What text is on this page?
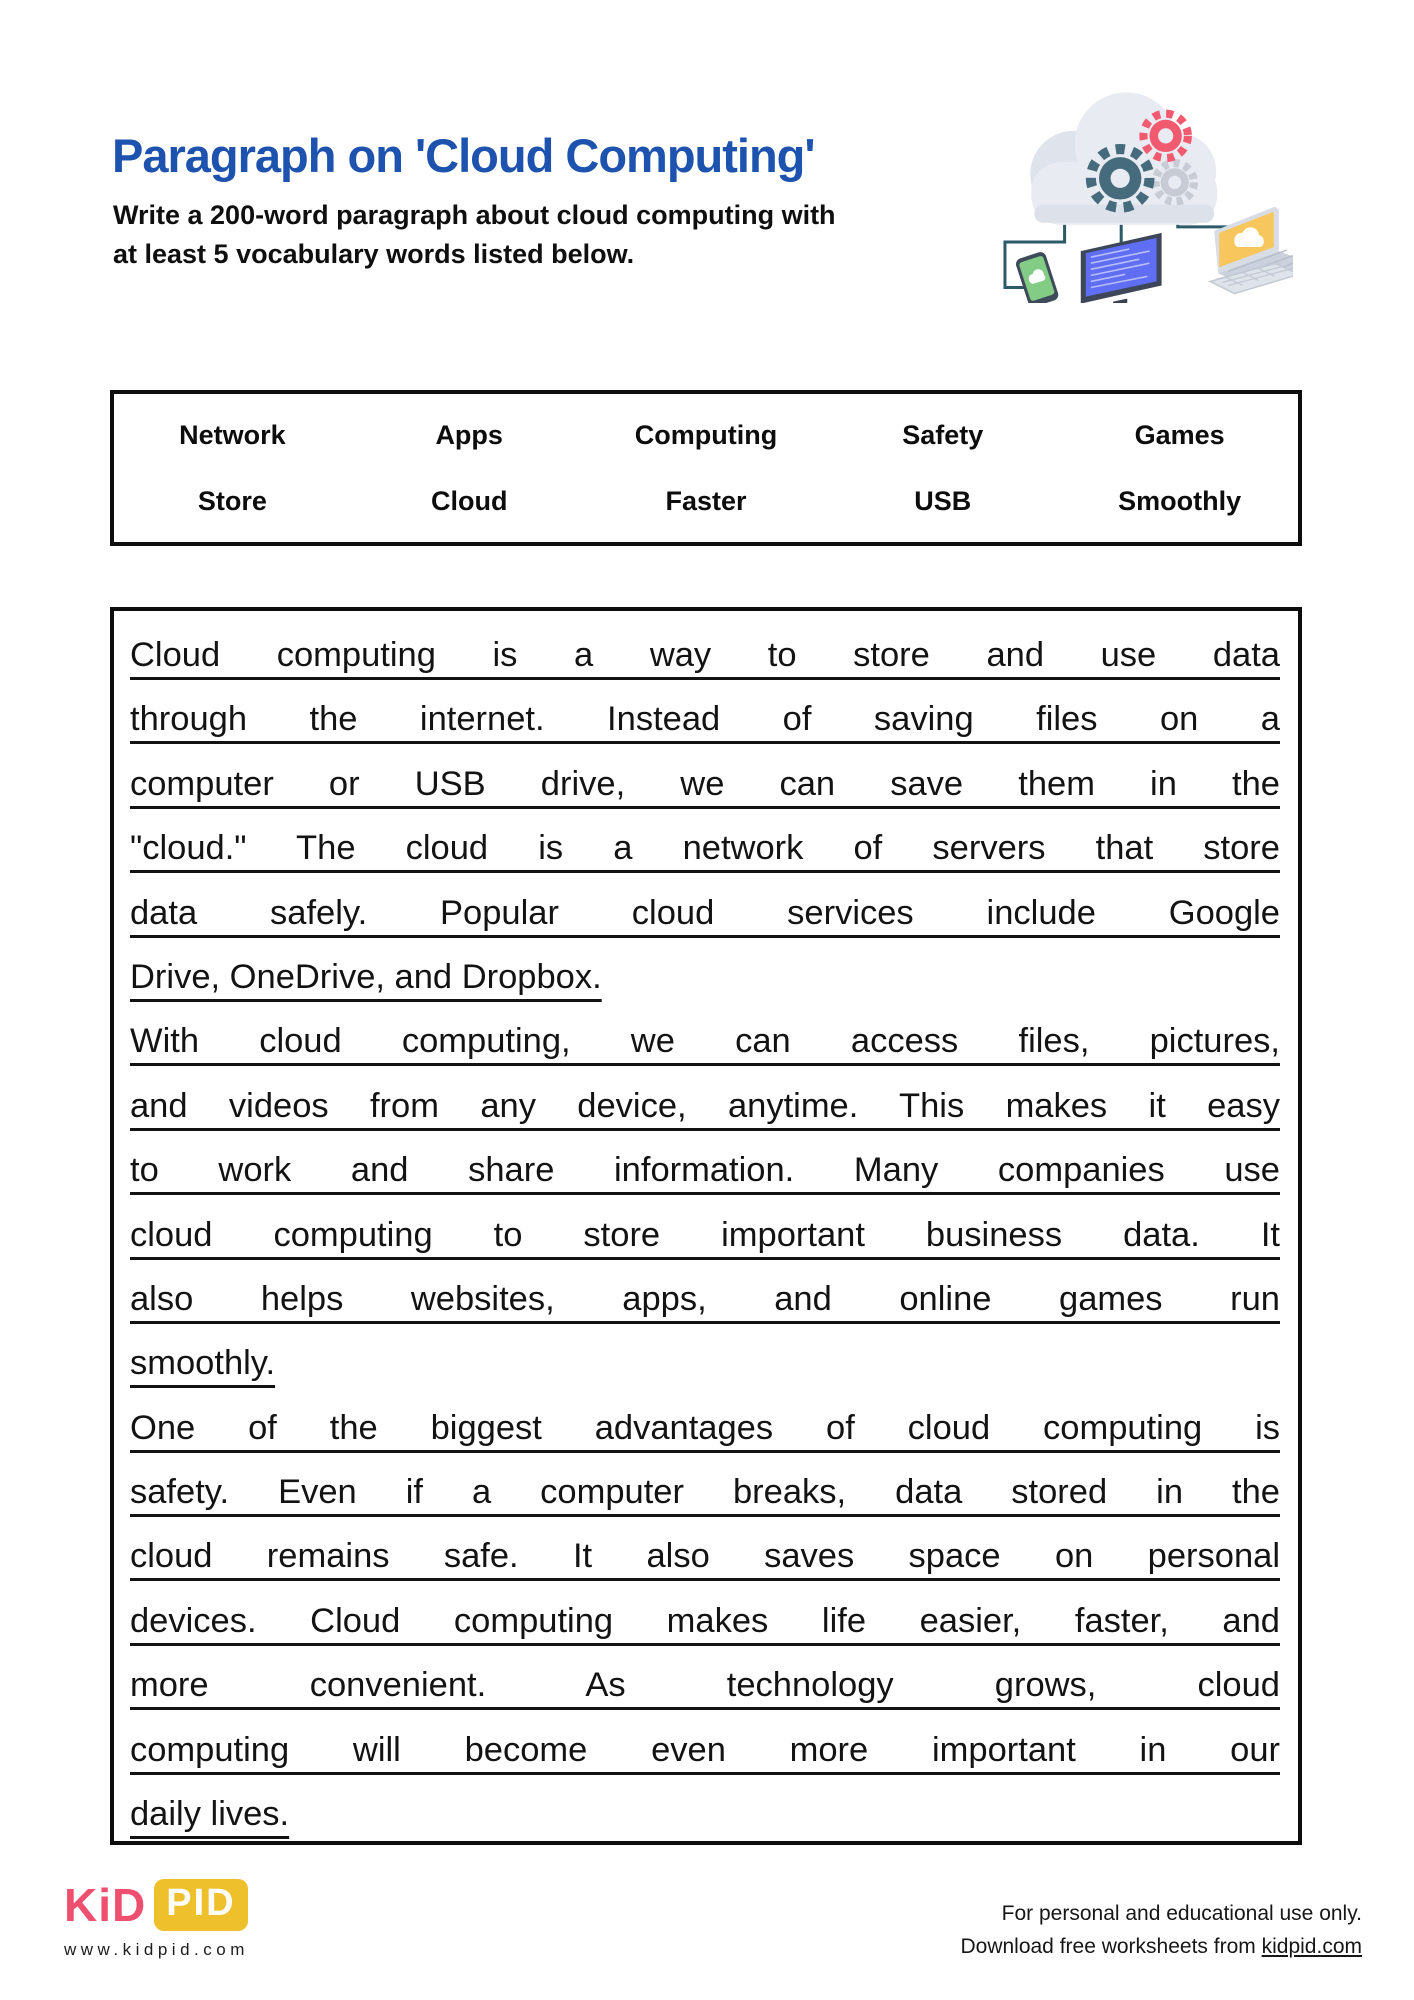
Paragraph on 'Cloud Computing'
Write a 200-word paragraph about cloud computing with
at least 5 vocabulary words listed below.
Network	Apps	Computing	Safety	Games
Store	Cloud	Faster	USB	Smoothly
Cloud computing is a way to store and use data
through the internet. Instead of saving files on a
computer or USB drive, we can save them in the
"cloud." The cloud is a network of servers that store
data safely. Popular cloud services include Google
Drive, OneDrive, and Dropbox.
With cloud computing, we can access files, pictures,
and videos from any device, anytime. This makes it easy
to work and share information. Many companies use
cloud computing to store important business data. It
also helps websites, apps, and online games run
smoothly.
One of the biggest advantages of cloud computing is
safety. Even if a computer breaks, data stored in the
cloud remains safe. It also saves space on personal
devices. Cloud computing makes life easier, faster, and
more convenient. As technology grows, cloud
computing will become even more important in our
daily lives.
KiD PID
www.kidpid.com
For personal and educational use only.
Download free worksheets from kidpid.com
